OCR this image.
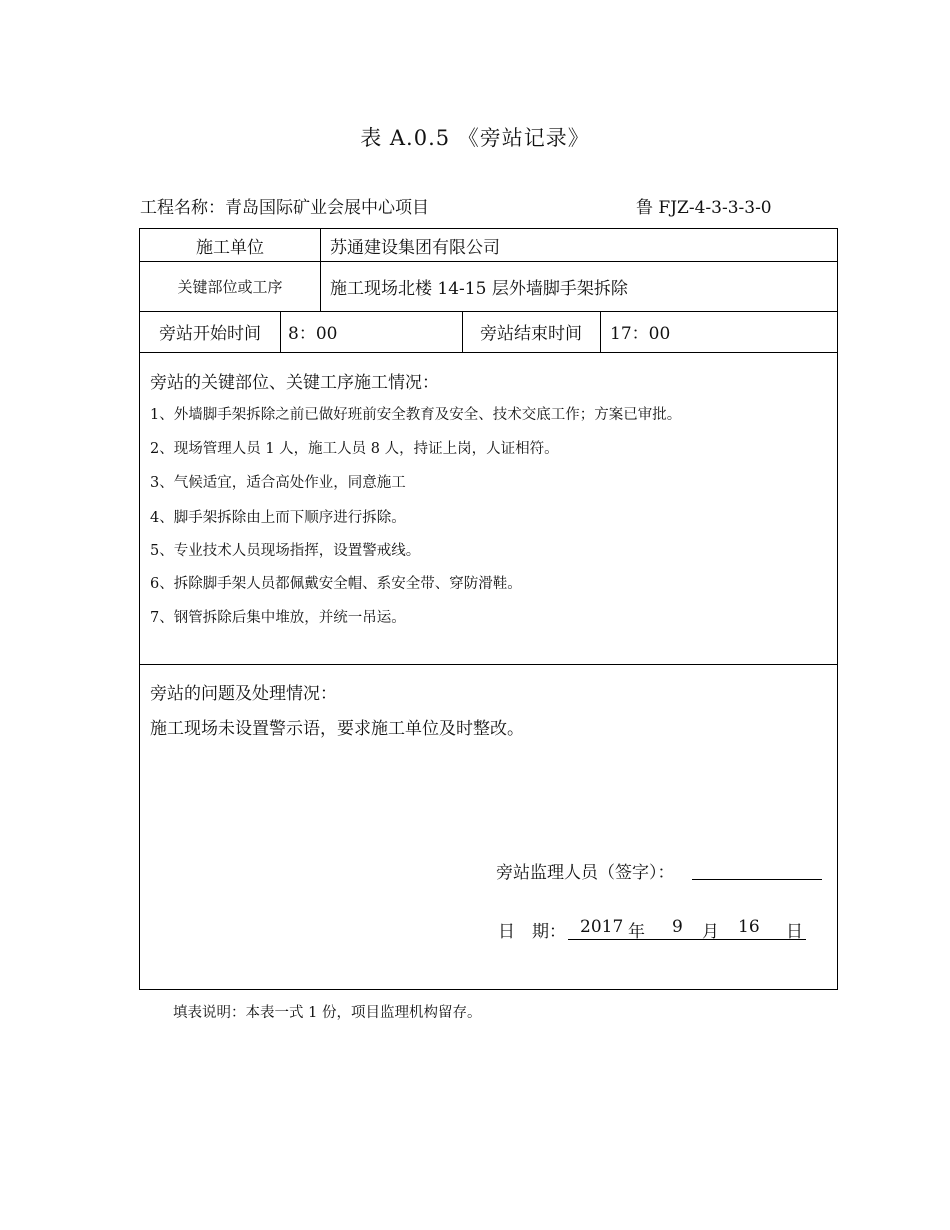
表 A.0.5 《旁站记录》
工程名称：青岛国际矿业会展中心项目	鲁 FJZ-4-3-3-3-0
施工单位	苏通建设集团有限公司
关键部位或工序	施工现场北楼 14-15 层外墙脚手架拆除
旁站开始时间	8：00	旁站结束时间	17：00
旁站的关键部位、关键工序施工情况：
1、外墙脚手架拆除之前已做好班前安全教育及安全、技术交底工作；方案已审批。
2、现场管理人员 1 人，施工人员 8 人，持证上岗，人证相符。
3、气候适宜，适合高处作业，同意施工
4、脚手架拆除由上而下顺序进行拆除。
5、专业技术人员现场指挥，设置警戒线。
6、拆除脚手架人员都佩戴安全帽、系安全带、穿防滑鞋。
7、钢管拆除后集中堆放，并统一吊运。
旁站的问题及处理情况：
施工现场未设置警示语，要求施工单位及时整改。
旁站监理人员（签字）：
日　期： 2017 年 9 月 16 日
填表说明：本表一式 1 份，项目监理机构留存。
